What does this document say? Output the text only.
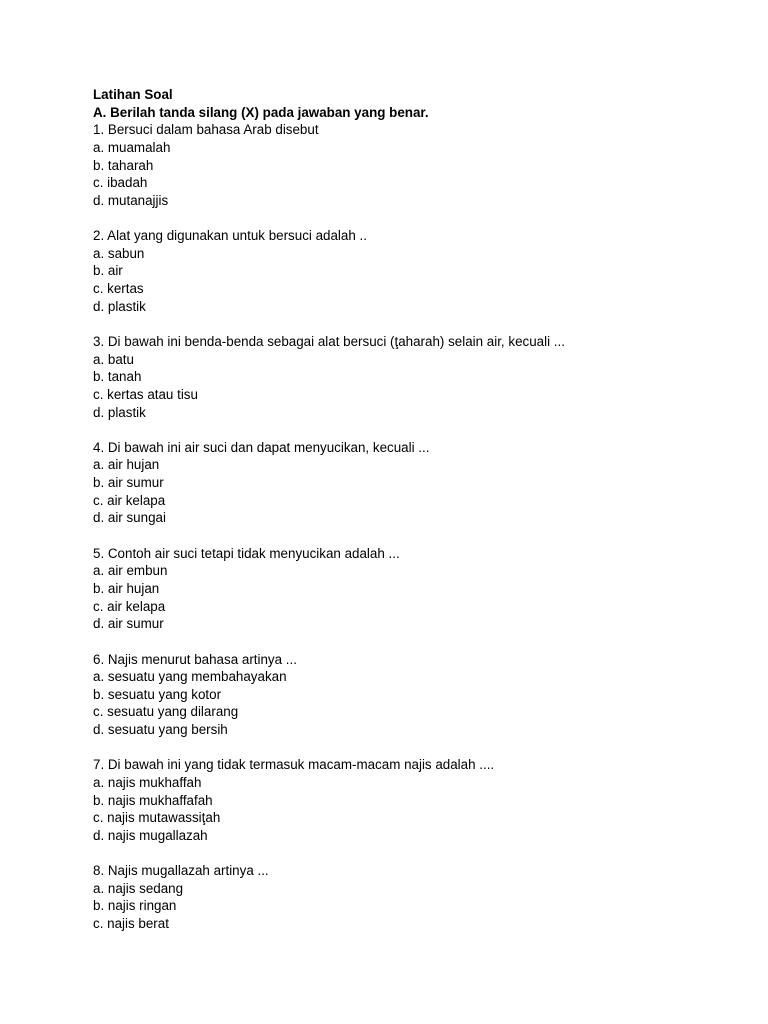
Latihan Soal
A. Berilah tanda silang (X) pada jawaban yang benar.
1. Bersuci dalam bahasa Arab disebut
a. muamalah
b. taharah
c. ibadah
d. mutanajjis
2. Alat yang digunakan untuk bersuci adalah ..
a. sabun
b. air
c. kertas
d. plastik
3. Di bawah ini benda-benda sebagai alat bersuci (ţaharah) selain air, kecuali ...
a. batu
b. tanah
c. kertas atau tisu
d. plastik
4. Di bawah ini air suci dan dapat menyucikan, kecuali ...
a. air hujan
b. air sumur
c. air kelapa
d. air sungai
5. Contoh air suci tetapi tidak menyucikan adalah ...
a. air embun
b. air hujan
c. air kelapa
d. air sumur
6. Najis menurut bahasa artinya ...
a. sesuatu yang membahayakan
b. sesuatu yang kotor
c. sesuatu yang dilarang
d. sesuatu yang bersih
7. Di bawah ini yang tidak termasuk macam-macam najis adalah ....
a. najis mukhaffah
b. najis mukhaffafah
c. najis mutawassiţah
d. najis mugallazah
8. Najis mugallazah artinya ...
a. najis sedang
b. najis ringan
c. najis berat
